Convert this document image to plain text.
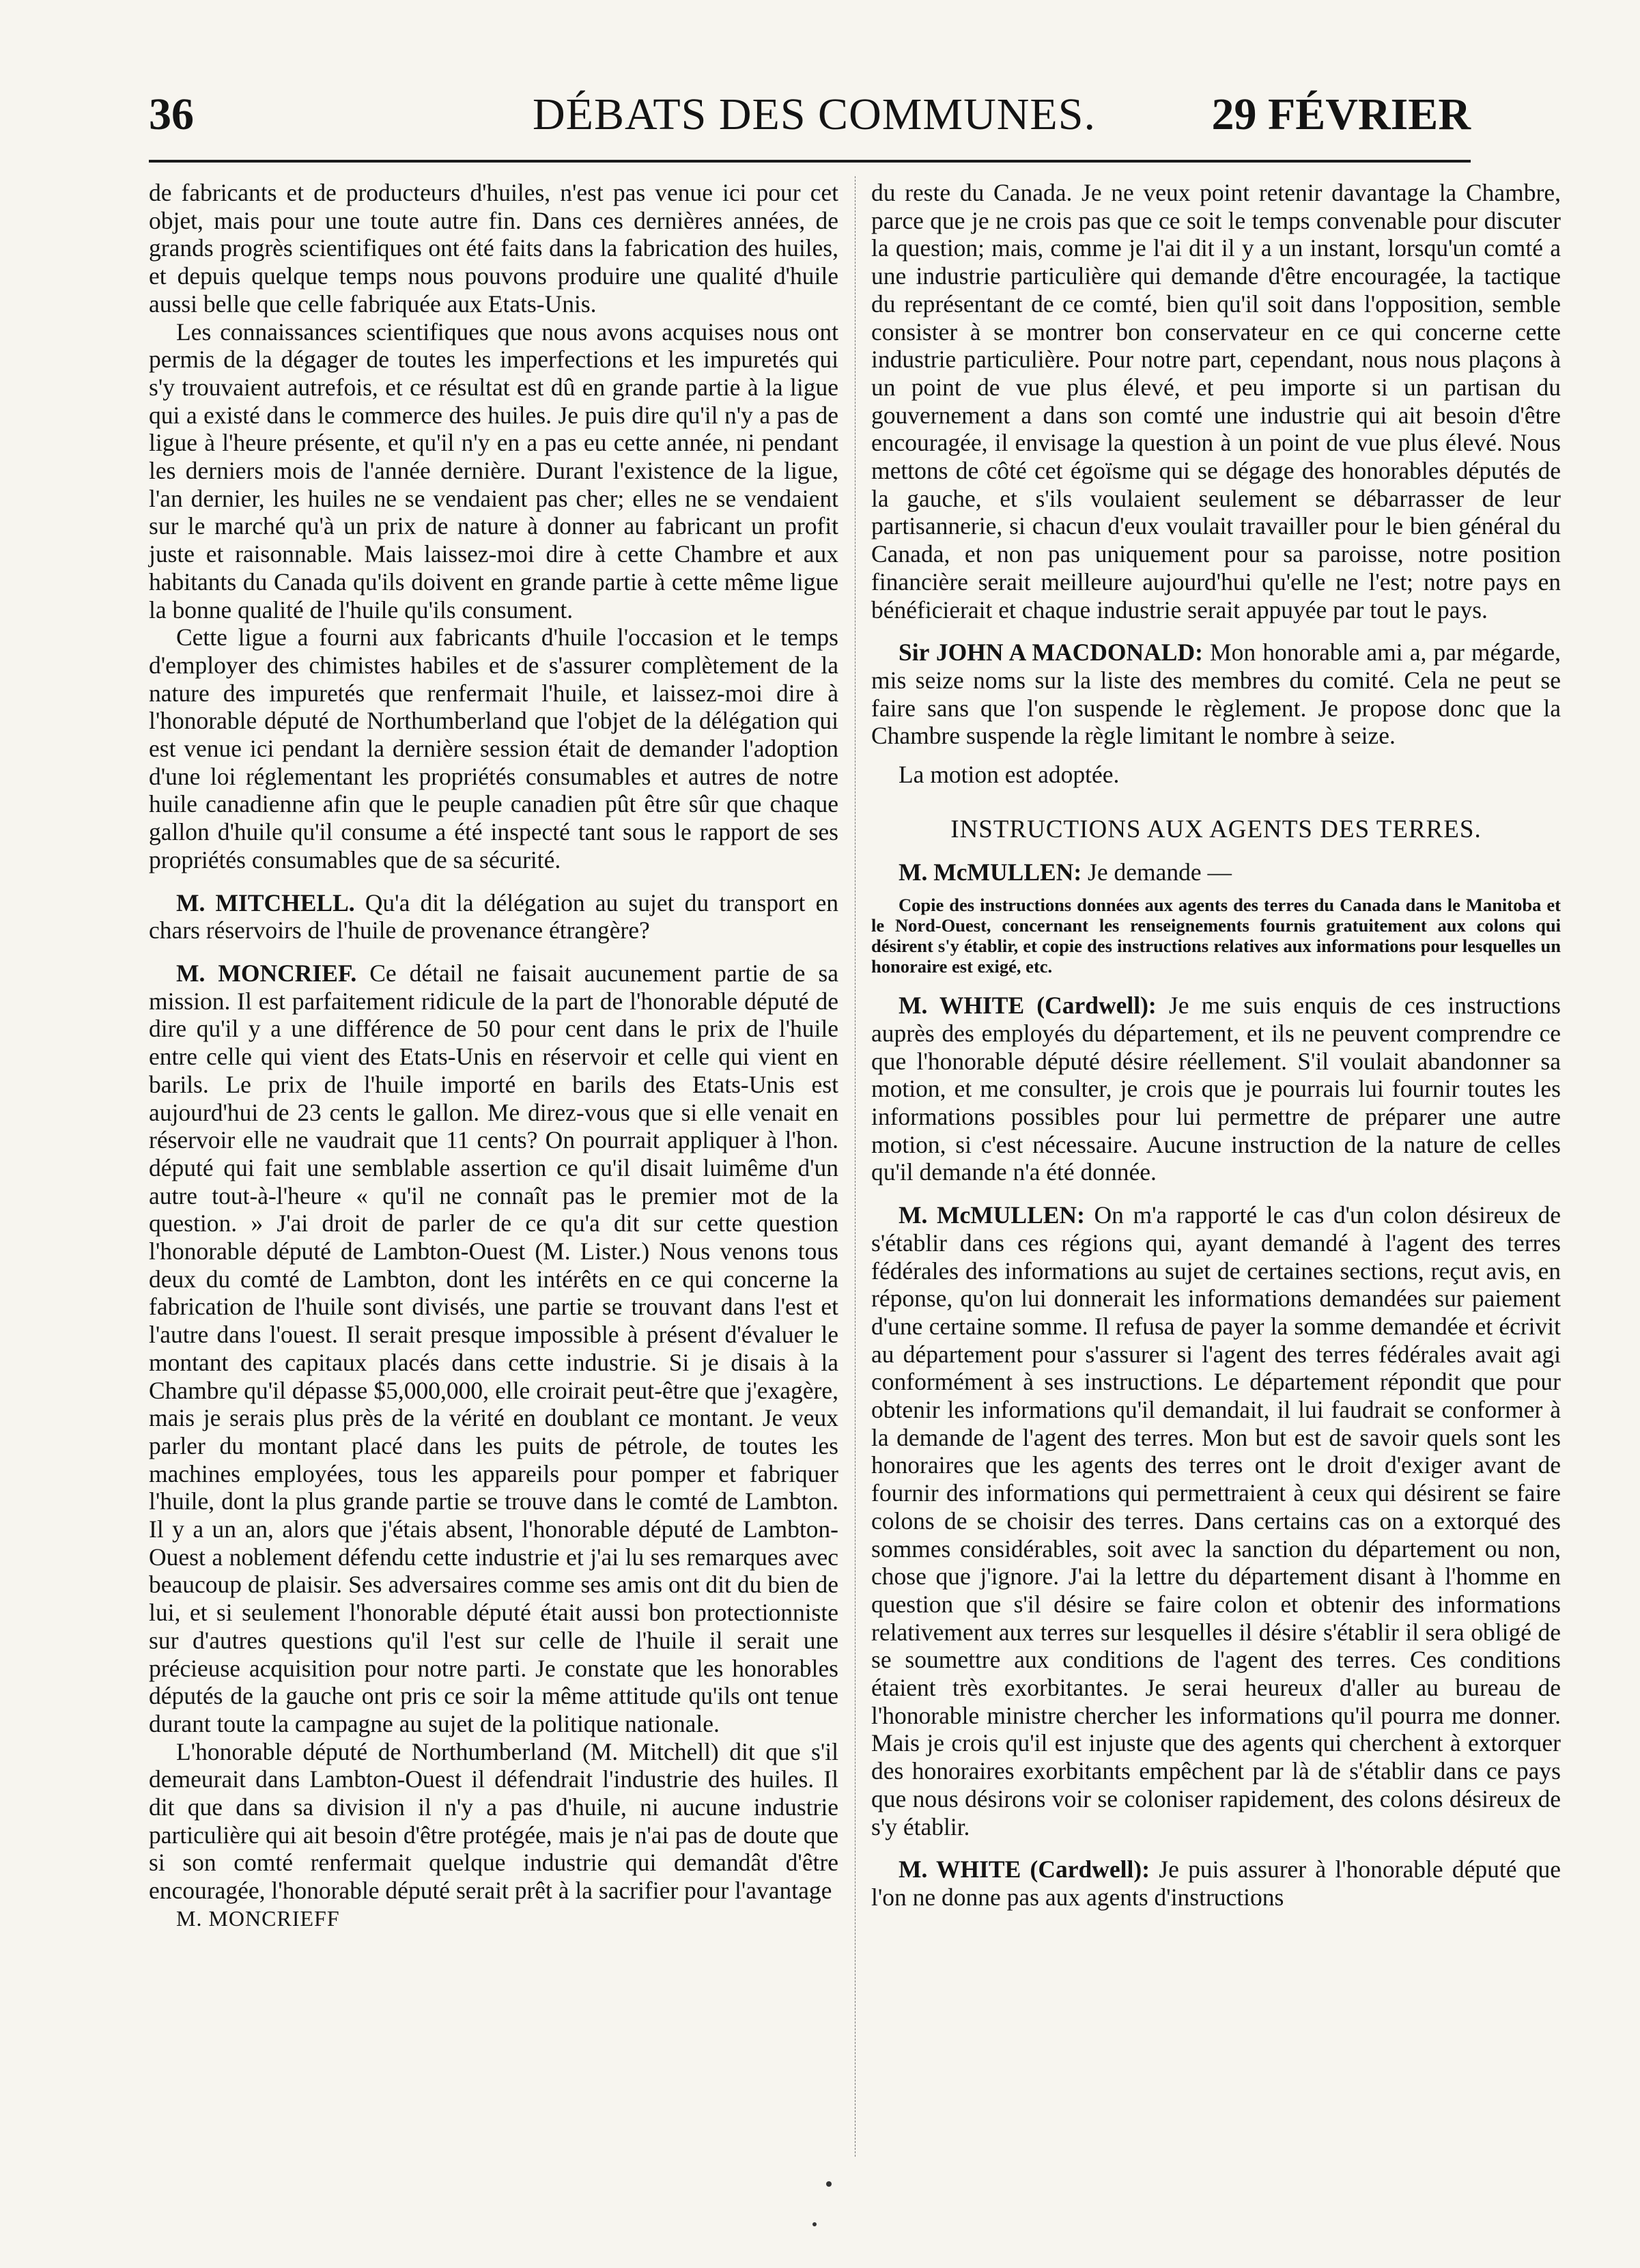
36	DÉBATS DES COMMUNES.	29 FÉVRIER

de fabricants et de producteurs d'huiles, n'est pas venue ici pour cet objet, mais pour une toute autre fin. Dans ces dernières années, de grands progrès scientifiques ont été faits dans la fabrication des huiles, et depuis quelque temps nous pouvons produire une qualité d'huile aussi belle que celle fabriquée aux Etats-Unis.

Les connaissances scientifiques que nous avons acquises nous ont permis de la dégager de toutes les imperfections et les impuretés qui s'y trouvaient autrefois, et ce résultat est dû en grande partie à la ligue qui a existé dans le commerce des huiles. Je puis dire qu'il n'y a pas de ligue à l'heure présente, et qu'il n'y en a pas eu cette année, ni pendant les derniers mois de l'année dernière. Durant l'existence de la ligue, l'an dernier, les huiles ne se vendaient pas cher; elles ne se vendaient sur le marché qu'à un prix de nature à donner au fabricant un profit juste et raisonnable. Mais laissez-moi dire à cette Chambre et aux habitants du Canada qu'ils doivent en grande partie à cette même ligue la bonne qualité de l'huile qu'ils consument.

Cette ligue a fourni aux fabricants d'huile l'occasion et le temps d'employer des chimistes habiles et de s'assurer complètement de la nature des impuretés que renfermait l'huile, et laissez-moi dire à l'honorable député de Northumberland que l'objet de la délégation qui est venue ici pendant la dernière session était de demander l'adoption d'une loi réglementant les propriétés consumables et autres de notre huile canadienne afin que le peuple canadien pût être sûr que chaque gallon d'huile qu'il consume a été inspecté tant sous le rapport de ses propriétés consumables que de sa sécurité.

M. MITCHELL. Qu'a dit la délégation au sujet du transport en chars réservoirs de l'huile de provenance étrangère?

M. MONCRIEF. Ce détail ne faisait aucunement partie de sa mission. Il est parfaitement ridicule de la part de l'honorable député de dire qu'il y a une différence de 50 pour cent dans le prix de l'huile entre celle qui vient des Etats-Unis en réservoir et celle qui vient en barils. Le prix de l'huile importé en barils des Etats-Unis est aujourd'hui de 23 cents le gallon. Me direz-vous que si elle venait en réservoir elle ne vaudrait que 11 cents? On pourrait appliquer à l'hon. député qui fait une semblable assertion ce qu'il disait luimême d'un autre tout-à-l'heure « qu'il ne connaît pas le premier mot de la question. » J'ai droit de parler de ce qu'a dit sur cette question l'honorable député de Lambton-Ouest (M. Lister.) Nous venons tous deux du comté de Lambton, dont les intérêts en ce qui concerne la fabrication de l'huile sont divisés, une partie se trouvant dans l'est et l'autre dans l'ouest. Il serait presque impossible à présent d'évaluer le montant des capitaux placés dans cette industrie. Si je disais à la Chambre qu'il dépasse $5,000,000, elle croirait peut-être que j'exagère, mais je serais plus près de la vérité en doublant ce montant. Je veux parler du montant placé dans les puits de pétrole, de toutes les machines employées, tous les appareils pour pomper et fabriquer l'huile, dont la plus grande partie se trouve dans le comté de Lambton. Il y a un an, alors que j'étais absent, l'honorable député de Lambton-Ouest a noblement défendu cette industrie et j'ai lu ses remarques avec beaucoup de plaisir. Ses adversaires comme ses amis ont dit du bien de lui, et si seulement l'honorable député était aussi bon protectionniste sur d'autres questions qu'il l'est sur celle de l'huile il serait une précieuse acquisition pour notre parti. Je constate que les honorables députés de la gauche ont pris ce soir la même attitude qu'ils ont tenue durant toute la campagne au sujet de la politique nationale.

L'honorable député de Northumberland (M. Mitchell) dit que s'il demeurait dans Lambton-Ouest il défendrait l'industrie des huiles. Il dit que dans sa division il n'y a pas d'huile, ni aucune industrie particulière qui ait besoin d'être protégée, mais je n'ai pas de doute que si son comté renfermait quelque industrie qui demandât d'être encouragée, l'honorable député serait prêt à la sacrifier pour l'avantage

M. MONCRIEFF

du reste du Canada. Je ne veux point retenir davantage la Chambre, parce que je ne crois pas que ce soit le temps convenable pour discuter la question; mais, comme je l'ai dit il y a un instant, lorsqu'un comté a une industrie particulière qui demande d'être encouragée, la tactique du représentant de ce comté, bien qu'il soit dans l'opposition, semble consister à se montrer bon conservateur en ce qui concerne cette industrie particulière. Pour notre part, cependant, nous nous plaçons à un point de vue plus élevé, et peu importe si un partisan du gouvernement a dans son comté une industrie qui ait besoin d'être encouragée, il envisage la question à un point de vue plus élevé. Nous mettons de côté cet égoïsme qui se dégage des honorables députés de la gauche, et s'ils voulaient seulement se débarrasser de leur partisannerie, si chacun d'eux voulait travailler pour le bien général du Canada, et non pas uniquement pour sa paroisse, notre position financière serait meilleure aujourd'hui qu'elle ne l'est; notre pays en bénéficierait et chaque industrie serait appuyée par tout le pays.

Sir JOHN A MACDONALD: Mon honorable ami a, par mégarde, mis seize noms sur la liste des membres du comité. Cela ne peut se faire sans que l'on suspende le règlement. Je propose donc que la Chambre suspende la règle limitant le nombre à seize.

La motion est adoptée.

INSTRUCTIONS AUX AGENTS DES TERRES.

M. McMULLEN: Je demande —

Copie des instructions données aux agents des terres du Canada dans le Manitoba et le Nord-Ouest, concernant les renseignements fournis gratuitement aux colons qui désirent s'y établir, et copie des instructions relatives aux informations pour lesquelles un honoraire est exigé, etc.

M. WHITE (Cardwell): Je me suis enquis de ces instructions auprès des employés du département, et ils ne peuvent comprendre ce que l'honorable député désire réellement. S'il voulait abandonner sa motion, et me consulter, je crois que je pourrais lui fournir toutes les informations possibles pour lui permettre de préparer une autre motion, si c'est nécessaire. Aucune instruction de la nature de celles qu'il demande n'a été donnée.

M. McMULLEN: On m'a rapporté le cas d'un colon désireux de s'établir dans ces régions qui, ayant demandé à l'agent des terres fédérales des informations au sujet de certaines sections, reçut avis, en réponse, qu'on lui donnerait les informations demandées sur paiement d'une certaine somme. Il refusa de payer la somme demandée et écrivit au département pour s'assurer si l'agent des terres fédérales avait agi conformément à ses instructions. Le département répondit que pour obtenir les informations qu'il demandait, il lui faudrait se conformer à la demande de l'agent des terres. Mon but est de savoir quels sont les honoraires que les agents des terres ont le droit d'exiger avant de fournir des informations qui permettraient à ceux qui désirent se faire colons de se choisir des terres. Dans certains cas on a extorqué des sommes considérables, soit avec la sanction du département ou non, chose que j'ignore. J'ai la lettre du département disant à l'homme en question que s'il désire se faire colon et obtenir des informations relativement aux terres sur lesquelles il désire s'établir il sera obligé de se soumettre aux conditions de l'agent des terres. Ces conditions étaient très exorbitantes. Je serai heureux d'aller au bureau de l'honorable ministre chercher les informations qu'il pourra me donner. Mais je crois qu'il est injuste que des agents qui cherchent à extorquer des honoraires exorbitants empêchent par là de s'établir dans ce pays que nous désirons voir se coloniser rapidement, des colons désireux de s'y établir.

M. WHITE (Cardwell): Je puis assurer à l'honorable député que l'on ne donne pas aux agents d'instructions
